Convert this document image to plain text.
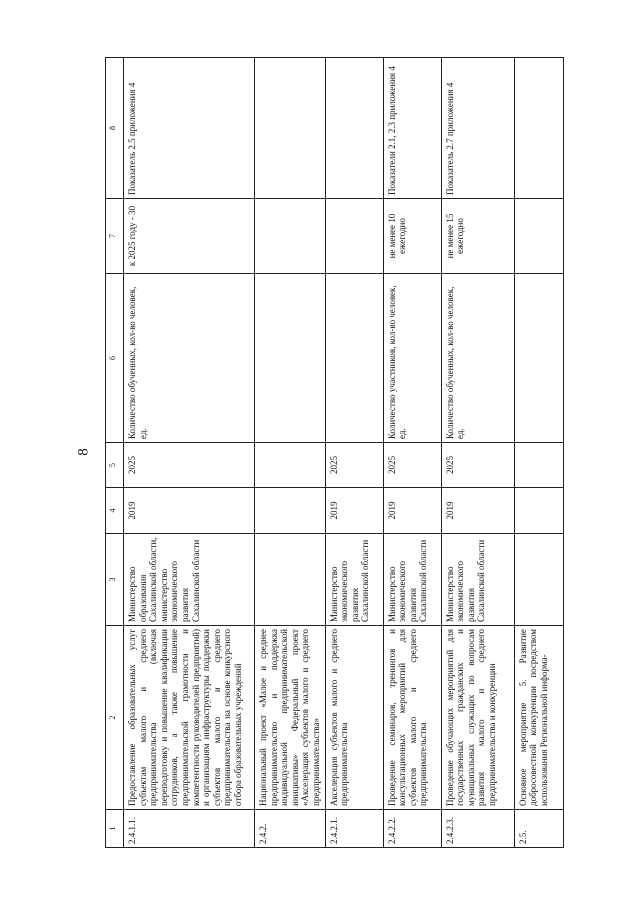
8
1	2	3	4	5	6	7	8
2.4.1.1.	Предоставление образовательных услуг субъектам малого и среднего предпринимательства (включая переподготовку и повышение квалификации сотрудников, а также повышение предпринимательской грамотности и компетентности руководителей предприятий) и организациям инфраструктуры поддержки субъектов малого и среднего предпринимательства на основе конкурсного отбора образовательных учреждений	Министерство образования Сахалинской области, министерство экономического развития Сахалинской области	2019	2025	Количество обученных, кол-во человек, ед.	к 2025 году - 30	Показатель 2.5 приложения 4
2.4.2.	Национальный проект «Малое и среднее предпринимательство и поддержка индивидуальной предпринимательской инициативы» Федеральный проект «Акселерация субъектов малого и среднего предпринимательства»						
2.4.2.1.	Акселерация субъектов малого и среднего предпринимательства	Министерство экономического развития Сахалинской области	2019	2025			
2.4.2.2.	Проведение семинаров, тренингов и консультационных мероприятий для субъектов малого и среднего предпринимательства	Министерство экономического развития Сахалинской области	2019	2025	Количество участников, кол-во человек, ед.	не менее 10 ежегодно	Показатели 2.1, 2.3 приложения 4
2.4.2.3.	Проведение обучающих мероприятий для государственных гражданских и муниципальных служащих по вопросам развития малого и среднего предпринимательства и конкуренции	Министерство экономического развития Сахалинской области	2019	2025	Количество обученных, кол-во человек, ед.	не менее 15 ежегодно	Показатель 2.7 приложения 4
2.5.	Основное мероприятие 5. Развитие добросовестной конкуренции посредством использования Региональной информа-						
